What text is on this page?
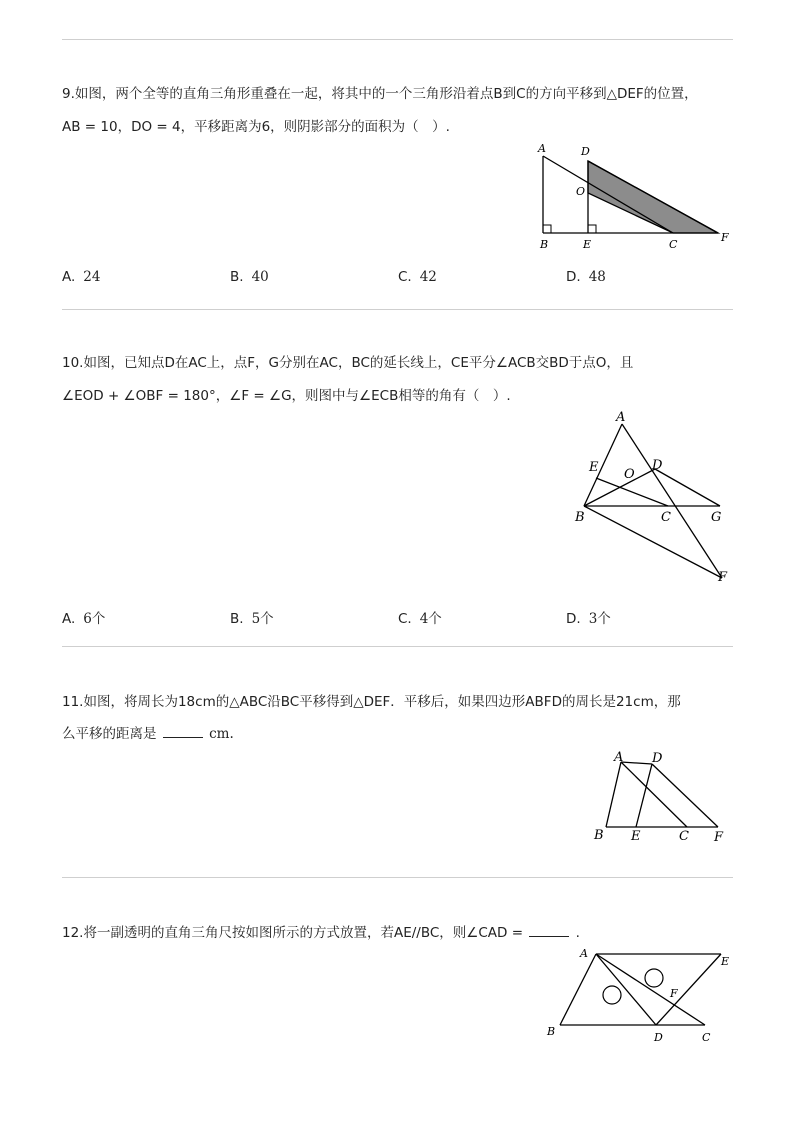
9.如图，两个全等的直角三角形重叠在一起，将其中的一个三角形沿着点B到C的方向平移到△DEF的位置，
AB = 10，DO = 4，平移距离为6，则阴影部分的面积为（　）.
A	D
O
B	E	C
F
A. 24	B. 40	C. 42	D. 48
10.如图，已知点D在AC上，点F，G分别在AC，BC的延长线上，CE平分∠ACB交BD于点O，且
∠EOD + ∠OBF = 180°，∠F = ∠G，则图中与∠ECB相等的角有（　）.
A
E O
D
B	C	G
F
A. 6个	B. 5个	C. 4个	D. 3个
11.如图，将周长为18cm的△ABC沿BC平移得到△DEF．平移后，如果四边形ABFD的周长是21cm，那
么平移的距离是	cm.
A D
B E	C F
12.将一副透明的直角三角尺按如图所示的方式放置，若AE//BC，则∠CAD =	.
A
E
F
B	D	C
